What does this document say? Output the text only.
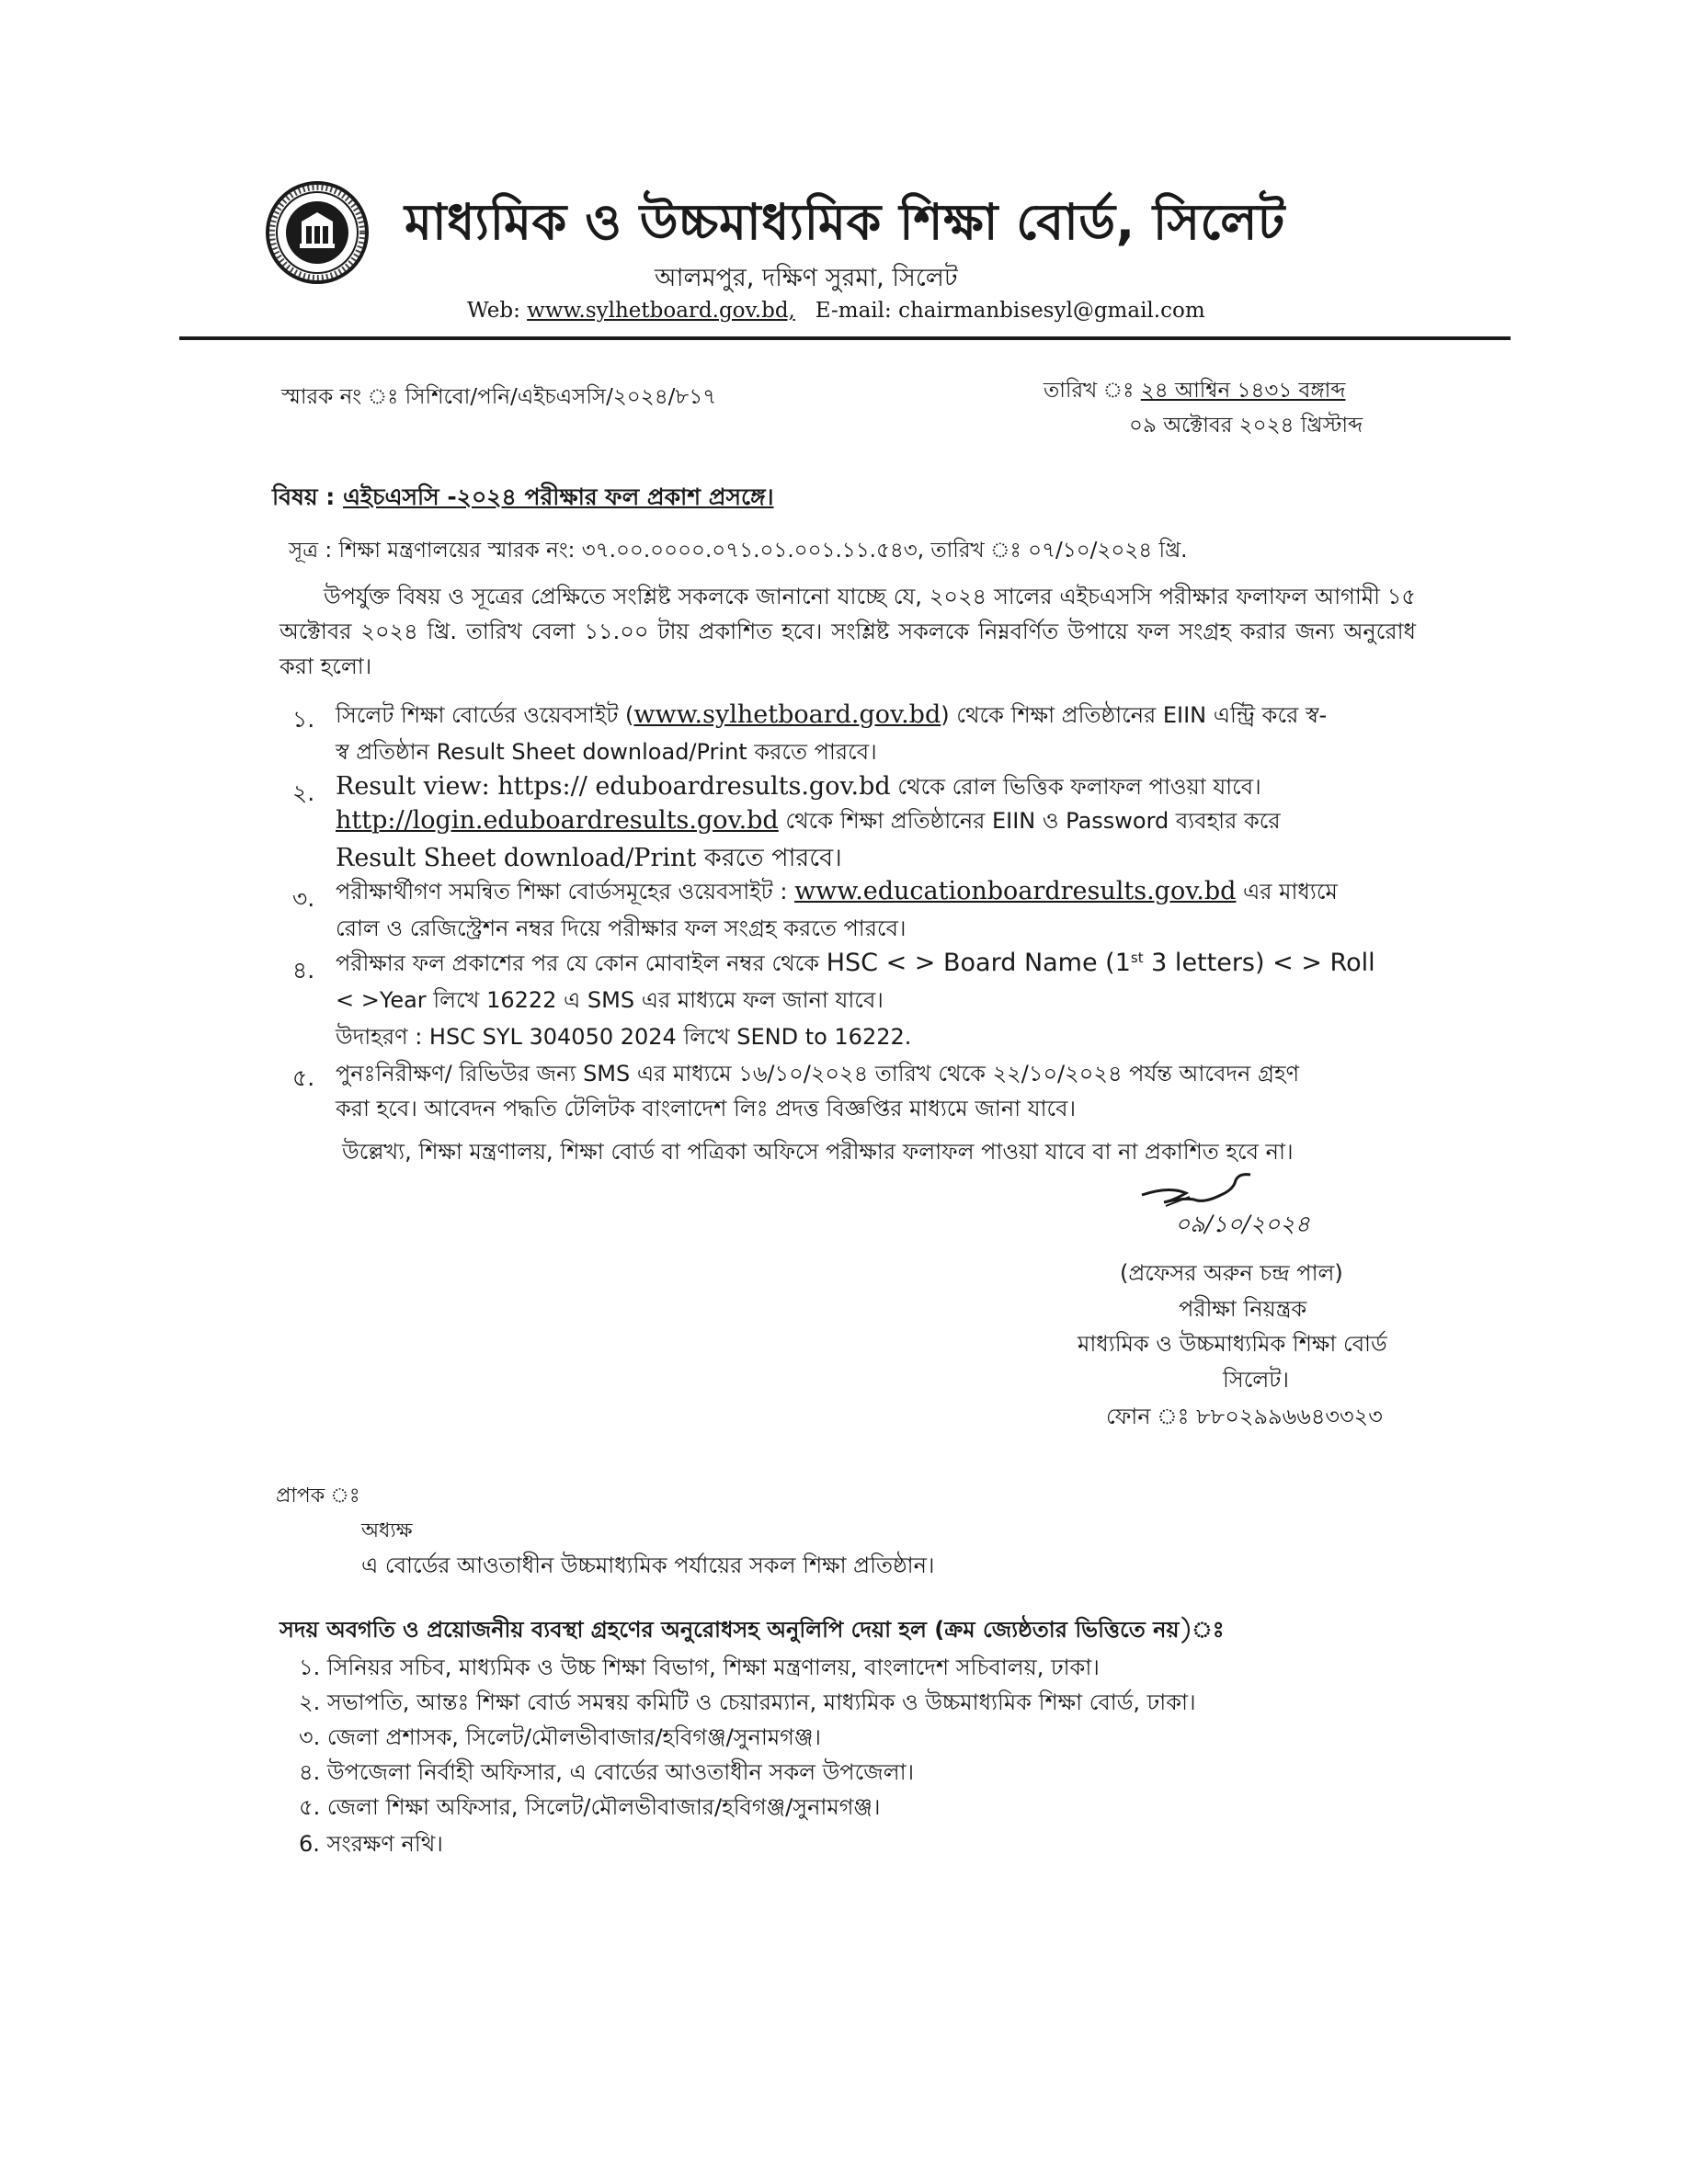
মাধ্যমিক ও উচ্চমাধ্যমিক শিক্ষা বোর্ড, সিলেট
আলমপুর, দক্ষিণ সুরমা, সিলেট
Web: www.sylhetboard.gov.bd, E-mail: chairmanbisesyl@gmail.com
স্মারক নং ঃ সিশিবো/পনি/এইচএসসি/২০২৪/৮১৭	তারিখ ঃ ২৪ আশ্বিন ১৪৩১ বঙ্গাব্দ
০৯ অক্টোবর ২০২৪ খ্রিস্টাব্দ
বিষয় : এইচএসসি -২০২৪ পরীক্ষার ফল প্রকাশ প্রসঙ্গে।
সূত্র : শিক্ষা মন্ত্রণালয়ের স্মারক নং: ৩৭.০০.০০০০.০৭১.০১.০০১.১১.৫৪৩, তারিখ ঃ ০৭/১০/২০২৪ খ্রি.
উপর্যুক্ত বিষয় ও সূত্রের প্রেক্ষিতে সংশ্লিষ্ট সকলকে জানানো যাচ্ছে যে, ২০২৪ সালের এইচএসসি পরীক্ষার ফলাফল আগামী ১৫ অক্টোবর ২০২৪ খ্রি. তারিখ বেলা ১১.০০ টায় প্রকাশিত হবে। সংশ্লিষ্ট সকলকে নিম্নবর্ণিত উপায়ে ফল সংগ্রহ করার জন্য অনুরোধ করা হলো।
১. সিলেট শিক্ষা বোর্ডের ওয়েবসাইট (www.sylhetboard.gov.bd) থেকে শিক্ষা প্রতিষ্ঠানের EIIN এন্ট্রি করে স্ব-
স্ব প্রতিষ্ঠান Result Sheet download/Print করতে পারবে।
২. Result view: https:// eduboardresults.gov.bd থেকে রোল ভিত্তিক ফলাফল পাওয়া যাবে।
http://login.eduboardresults.gov.bd থেকে শিক্ষা প্রতিষ্ঠানের EIIN ও Password ব্যবহার করে
Result Sheet download/Print করতে পারবে।
৩. পরীক্ষার্থীগণ সমন্বিত শিক্ষা বোর্ডসমূহের ওয়েবসাইট : www.educationboardresults.gov.bd এর মাধ্যমে
রোল ও রেজিস্ট্রেশন নম্বর দিয়ে পরীক্ষার ফল সংগ্রহ করতে পারবে।
৪. পরীক্ষার ফল প্রকাশের পর যে কোন মোবাইল নম্বর থেকে HSC < > Board Name (1st 3 letters) < > Roll
< >Year লিখে 16222 এ SMS এর মাধ্যমে ফল জানা যাবে।
উদাহরণ : HSC SYL 304050 2024 লিখে SEND to 16222.
৫. পুনঃনিরীক্ষণ/ রিভিউর জন্য SMS এর মাধ্যমে ১৬/১০/২০২৪ তারিখ থেকে ২২/১০/২০২৪ পর্যন্ত আবেদন গ্রহণ
করা হবে। আবেদন পদ্ধতি টেলিটক বাংলাদেশ লিঃ প্রদত্ত বিজ্ঞপ্তির মাধ্যমে জানা যাবে।
উল্লেখ্য, শিক্ষা মন্ত্রণালয়, শিক্ষা বোর্ড বা পত্রিকা অফিসে পরীক্ষার ফলাফল পাওয়া যাবে বা না প্রকাশিত হবে না।
০৯/১০/২০২৪
(প্রফেসর অরুন চন্দ্র পাল)
পরীক্ষা নিয়ন্ত্রক
মাধ্যমিক ও উচ্চমাধ্যমিক শিক্ষা বোর্ড
সিলেট।
ফোন ঃ ৮৮০২৯৯৬৬৪৩৩২৩
প্রাপক ঃ
অধ্যক্ষ
এ বোর্ডের আওতাধীন উচ্চমাধ্যমিক পর্যায়ের সকল শিক্ষা প্রতিষ্ঠান।
সদয় অবগতি ও প্রয়োজনীয় ব্যবস্থা গ্রহণের অনুরোধসহ অনুলিপি দেয়া হল (ক্রম জ্যেষ্ঠতার ভিত্তিতে নয়)ঃ
১. সিনিয়র সচিব, মাধ্যমিক ও উচ্চ শিক্ষা বিভাগ, শিক্ষা মন্ত্রণালয়, বাংলাদেশ সচিবালয়, ঢাকা।
২. সভাপতি, আন্তঃ শিক্ষা বোর্ড সমন্বয় কমিটি ও চেয়ারম্যান, মাধ্যমিক ও উচ্চমাধ্যমিক শিক্ষা বোর্ড, ঢাকা।
৩. জেলা প্রশাসক, সিলেট/মৌলভীবাজার/হবিগঞ্জ/সুনামগঞ্জ।
৪. উপজেলা নির্বাহী অফিসার, এ বোর্ডের আওতাধীন সকল উপজেলা।
৫. জেলা শিক্ষা অফিসার, সিলেট/মৌলভীবাজার/হবিগঞ্জ/সুনামগঞ্জ।
6. সংরক্ষণ নথি।
